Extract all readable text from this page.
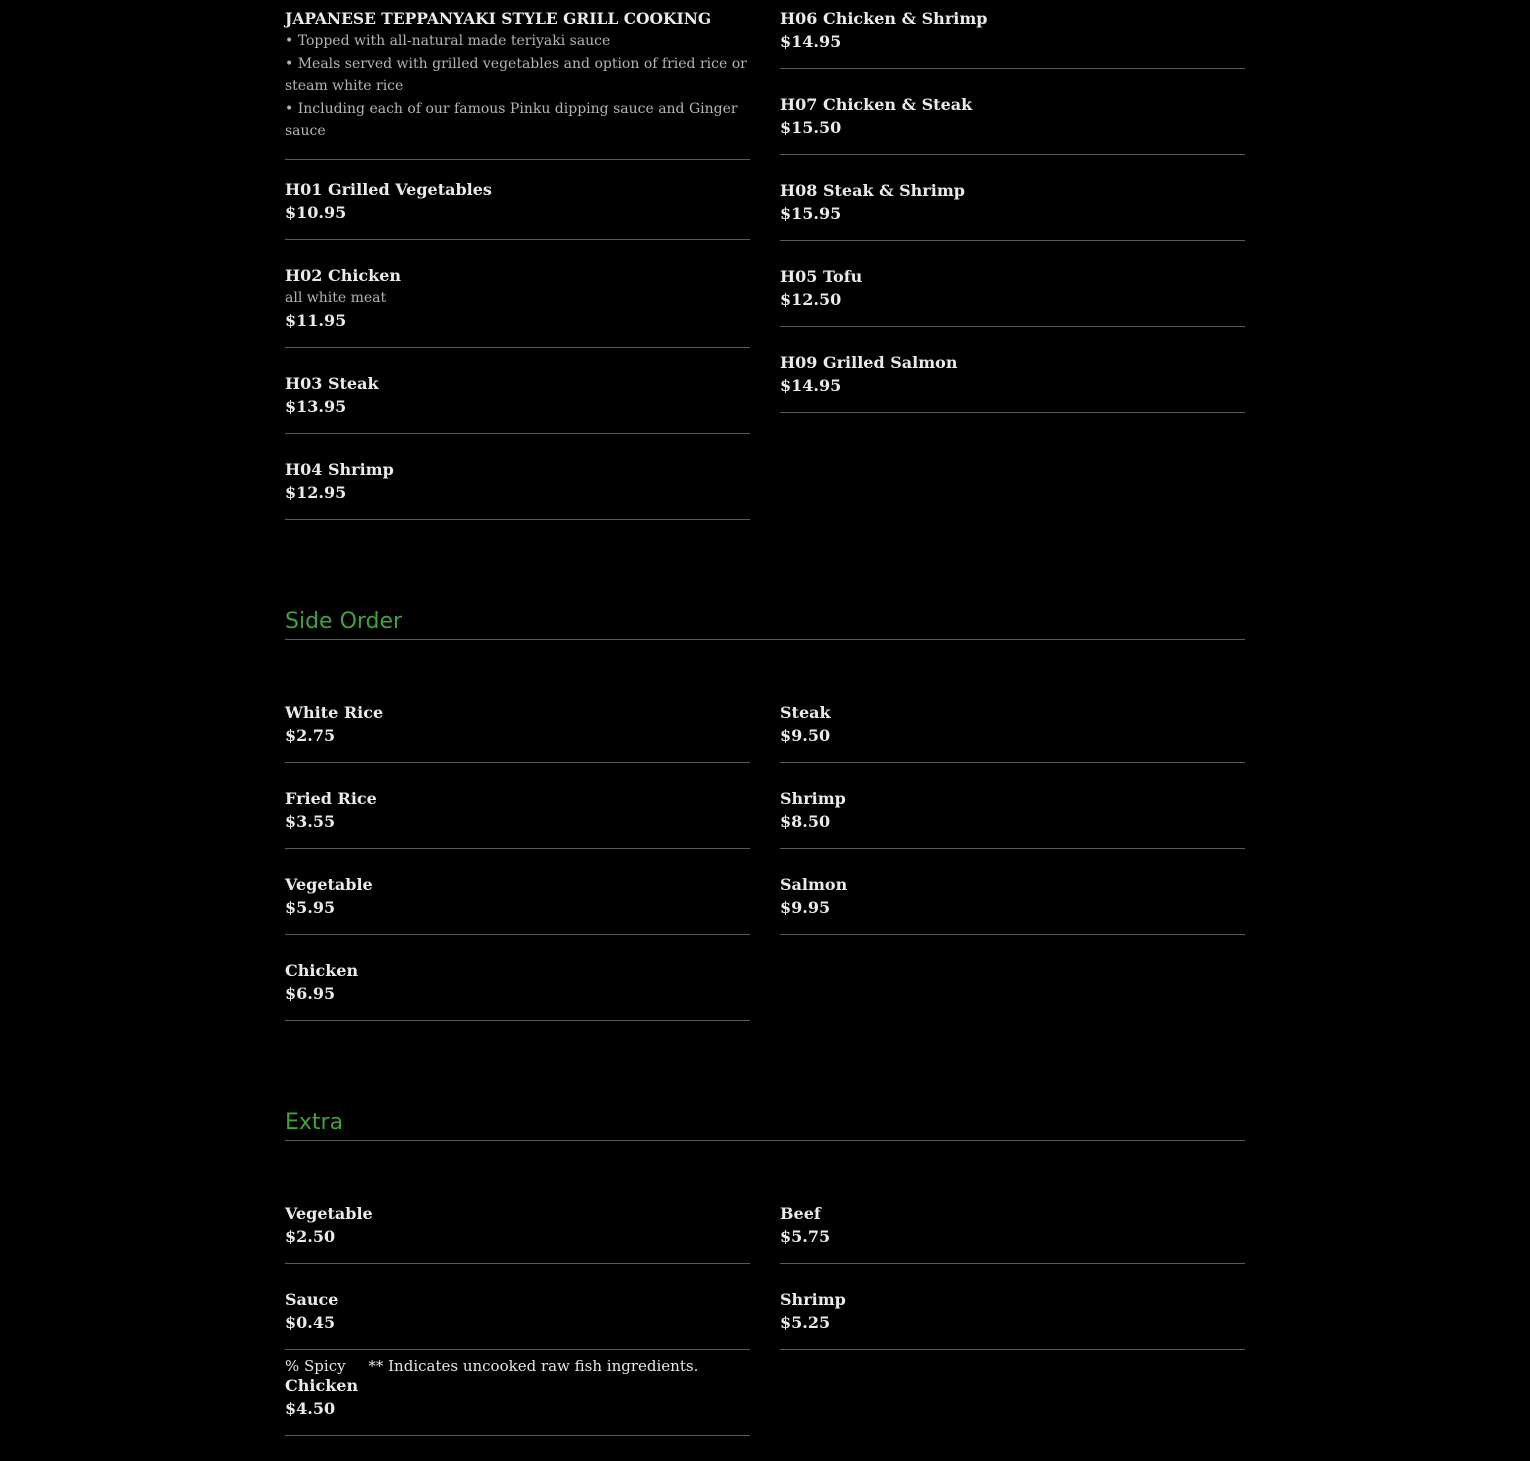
JAPANESE TEPPANYAKI STYLE GRILL COOKING
• Topped with all-natural made teriyaki sauce
• Meals served with grilled vegetables and option of fried rice or steam white rice
• Including each of our famous Pinku dipping sauce and Ginger sauce
H01 Grilled Vegetables
$10.95
H02 Chicken
all white meat
$11.95
H03 Steak
$13.95
H04 Shrimp
$12.95
H06 Chicken & Shrimp
$14.95
H07 Chicken & Steak
$15.50
H08 Steak & Shrimp
$15.95
H05 Tofu
$12.50
H09 Grilled Salmon
$14.95
Side Order
White Rice
$2.75
Fried Rice
$3.55
Vegetable
$5.95
Chicken
$6.95
Steak
$9.50
Shrimp
$8.50
Salmon
$9.95
Extra
Vegetable
$2.50
Sauce
$0.45
Chicken
$4.50
Beef
$5.75
Shrimp
$5.25
% Spicy ** Indicates uncooked raw fish ingredients.
